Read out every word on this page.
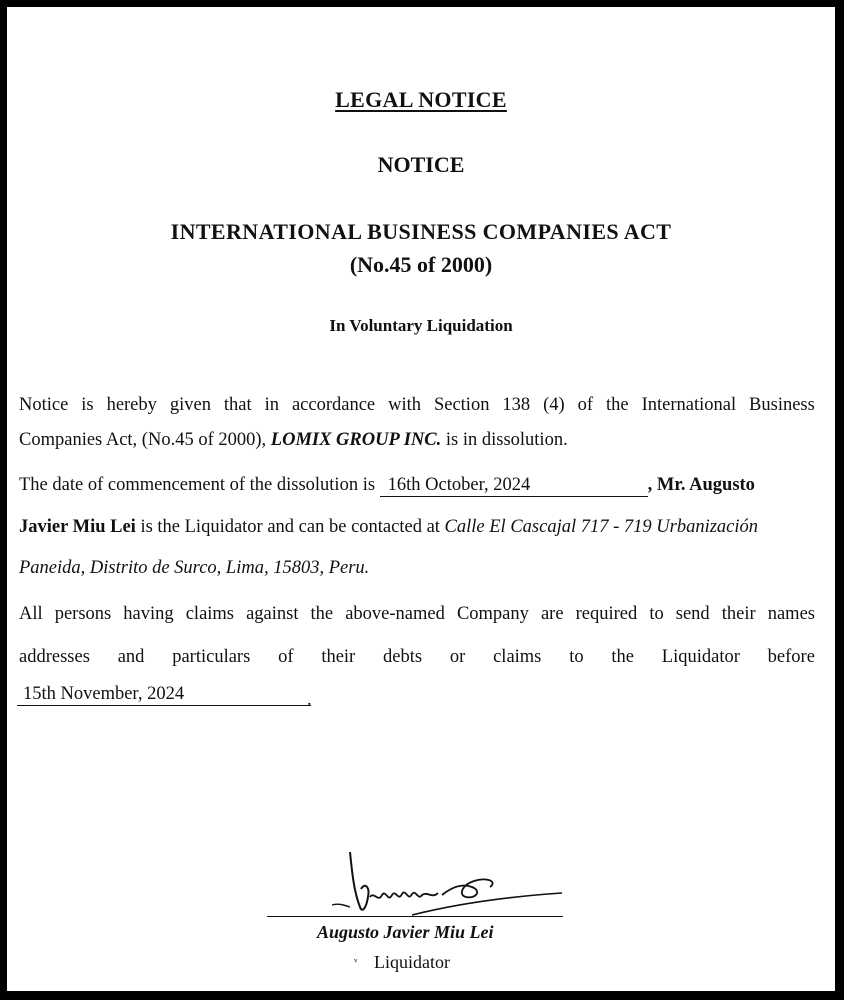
LEGAL NOTICE
NOTICE
INTERNATIONAL BUSINESS COMPANIES ACT
(No.45 of 2000)
In Voluntary Liquidation
Notice is hereby given that in accordance with Section 138 (4) of the International Business
Companies Act, (No.45 of 2000), LOMIX GROUP INC. is in dissolution.
The date of commencement of the dissolution is 16th October, 2024	, Mr. Augusto
Javier Miu Lei is the Liquidator and can be contacted at Calle El Cascajal 717 - 719 Urbanización
Paneida, Distrito de Surco, Lima, 15803, Peru.
All persons having claims against the above-named Company are required to send their names
addresses and particulars of their debts or claims to the Liquidator before
15th November, 2024	.
Augusto Javier Miu Lei
ᵛ Liquidator
